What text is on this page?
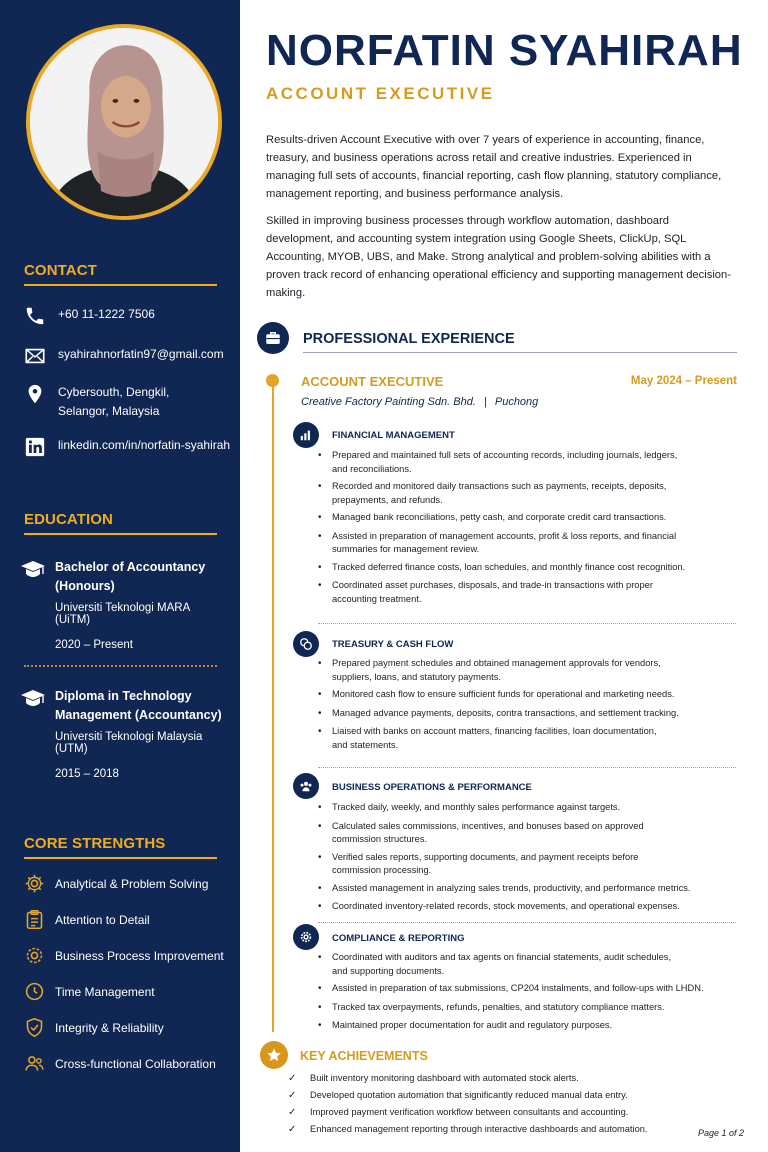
CONTACT
+60 11-1222 7506
syahirahnorfatin97@gmail.com
Cybersouth, Dengkil,
Selangor, Malaysia
linkedin.com/in/norfatin-syahirah
EDUCATION
Bachelor of Accountancy
(Honours)
Universiti Teknologi MARA (UiTM)
2020 – Present
Diploma in Technology
Management (Accountancy)
Universiti Teknologi Malaysia (UTM)
2015 – 2018
CORE STRENGTHS
Analytical & Problem Solving
Attention to Detail
Business Process Improvement
Time Management
Integrity & Reliability
Cross-functional Collaboration
NORFATIN SYAHIRAH
ACCOUNT EXECUTIVE

Results-driven Account Executive with over 7 years of experience in accounting, finance, treasury, and business operations across retail and creative industries. Experienced in managing full sets of accounts, financial reporting, cash flow planning, statutory compliance, management reporting, and business performance analysis.

Skilled in improving business processes through workflow automation, dashboard development, and accounting system integration using Google Sheets, ClickUp, SQL Accounting, MYOB, UBS, and Make. Strong analytical and problem-solving abilities with a proven track record of enhancing operational efficiency and supporting management decision-making.

PROFESSIONAL EXPERIENCE
ACCOUNT EXECUTIVE	May 2024 – Present
Creative Factory Painting Sdn. Bhd. | Puchong
FINANCIAL MANAGEMENT
• Prepared and maintained full sets of accounting records, including journals, ledgers,
and reconciliations.
• Recorded and monitored daily transactions such as payments, receipts, deposits,
prepayments, and refunds.
• Managed bank reconciliations, petty cash, and corporate credit card transactions.
• Assisted in preparation of management accounts, profit & loss reports, and financial
summaries for management review.
• Tracked deferred finance costs, loan schedules, and monthly finance cost recognition.
• Coordinated asset purchases, disposals, and trade-in transactions with proper
accounting treatment.
TREASURY & CASH FLOW
• Prepared payment schedules and obtained management approvals for vendors,
suppliers, loans, and statutory payments.
• Monitored cash flow to ensure sufficient funds for operational and marketing needs.
• Managed advance payments, deposits, contra transactions, and settlement tracking.
• Liaised with banks on account matters, financing facilities, loan documentation,
and statements.
BUSINESS OPERATIONS & PERFORMANCE
• Tracked daily, weekly, and monthly sales performance against targets.
• Calculated sales commissions, incentives, and bonuses based on approved
commission structures.
• Verified sales reports, supporting documents, and payment receipts before
commission processing.
• Assisted management in analyzing sales trends, productivity, and performance metrics.
• Coordinated inventory-related records, stock movements, and operational expenses.
COMPLIANCE & REPORTING
• Coordinated with auditors and tax agents on financial statements, audit schedules,
and supporting documents.
• Assisted in preparation of tax submissions, CP204 instalments, and follow-ups with LHDN.
• Tracked tax overpayments, refunds, penalties, and statutory compliance matters.
• Maintained proper documentation for audit and regulatory purposes.
KEY ACHIEVEMENTS
✓	Built inventory monitoring dashboard with automated stock alerts.
✓	Developed quotation automation that significantly reduced manual data entry.
✓	Improved payment verification workflow between consultants and accounting.
✓	Enhanced management reporting through interactive dashboards and automation.	Page 1 of 2
